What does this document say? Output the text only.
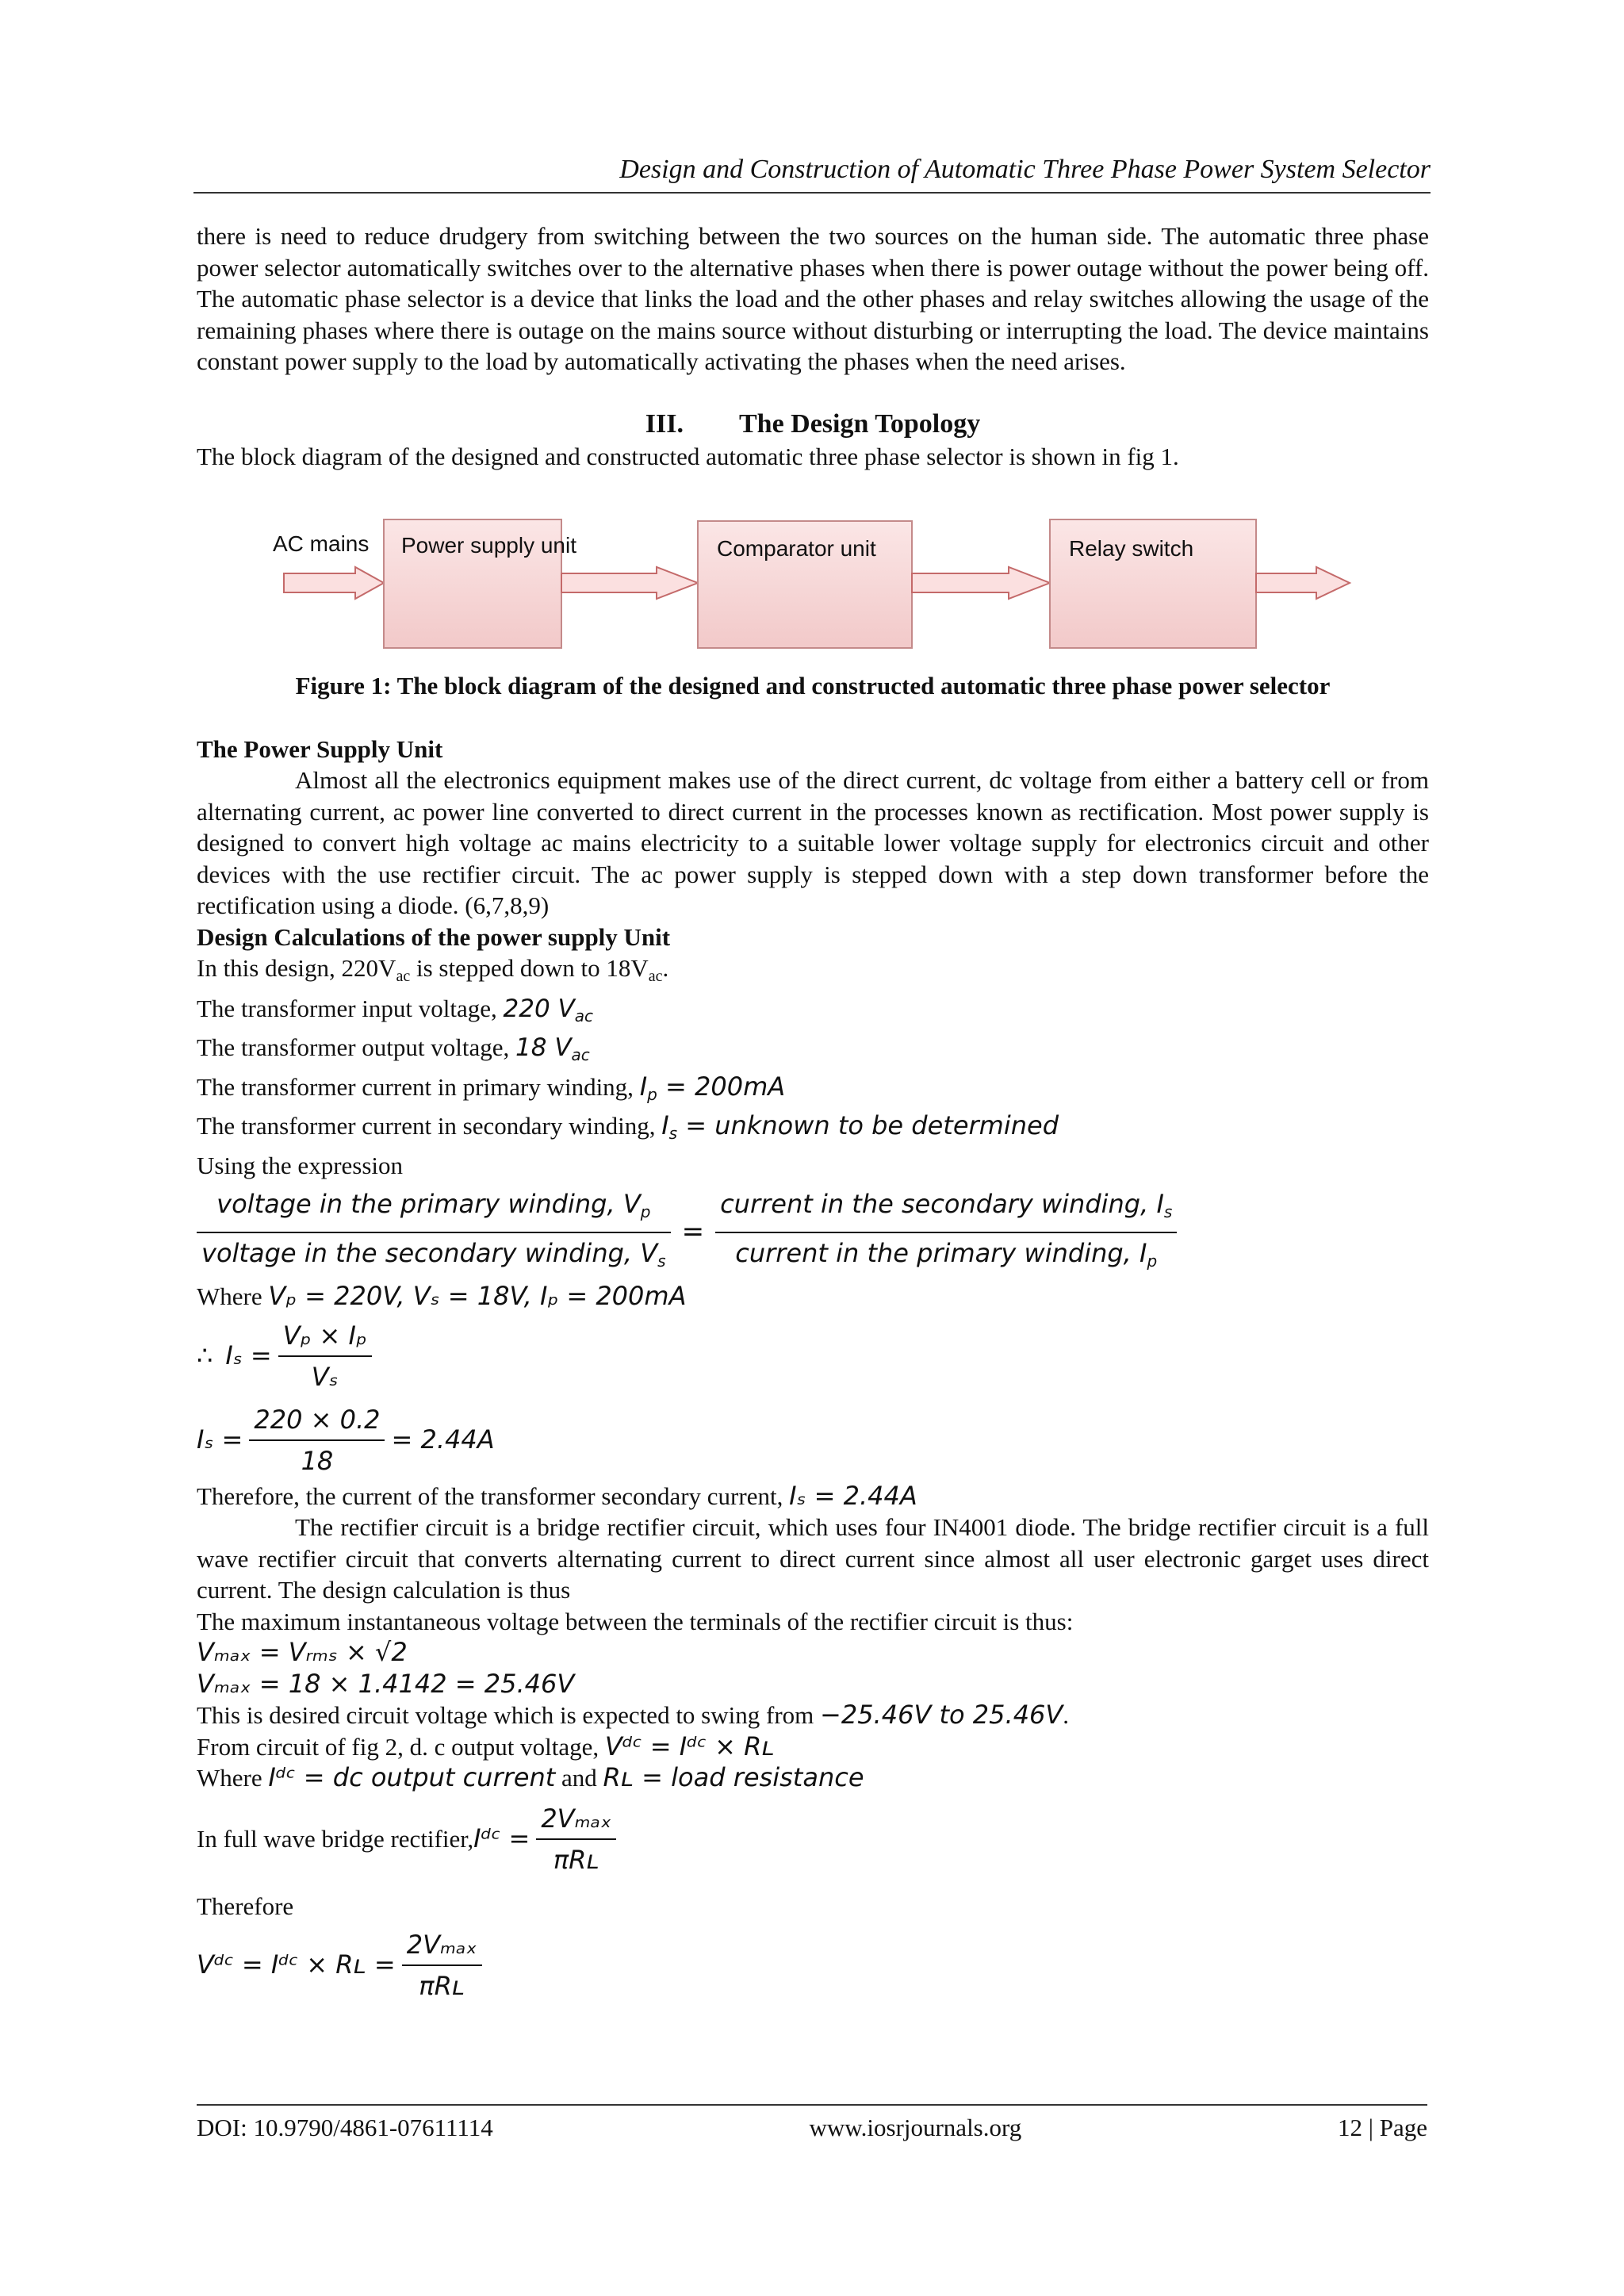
Design and Construction of Automatic Three Phase Power System Selector

there is need to reduce drudgery from switching between the two sources on the human side. The automatic three phase power selector automatically switches over to the alternative phases when there is power outage without the power being off. The automatic phase selector is a device that links the load and the other phases and relay switches allowing the usage of the remaining phases where there is outage on the mains source without disturbing or interrupting the load. The device maintains constant power supply to the load by automatically activating the phases when the need arises.

III. The Design Topology

The block diagram of the designed and constructed automatic three phase selector is shown in fig 1.

AC mains Power supply unit	Comparator unit	Relay switch
Figure 1: The block diagram of the designed and constructed automatic three phase power selector

The Power Supply Unit

Almost all the electronics equipment makes use of the direct current, dc voltage from either a battery cell or from alternating current, ac power line converted to direct current in the processes known as rectification. Most power supply is designed to convert high voltage ac mains electricity to a suitable lower voltage supply for electronics circuit and other devices with the use rectifier circuit. The ac power supply is stepped down with a step down transformer before the rectification using a diode. (6,7,8,9)

Design Calculations of the power supply Unit

In this design, $220V_{ac}$ is stepped down to $18V_{ac}$.

The transformer input voltage, 220 $V_{ac}$

The transformer output voltage, 18 $V_{ac}$

The transformer current in primary winding, $I_p = 200mA$

The transformer current in secondary winding, $I_s$ = unknown to be determined

Using the expression

$\frac{voltage in the primary winding, V_p}{voltage in the secondary winding, V_s} = \frac{current in the secondary winding, I_s}{current in the primary winding, I_p}$

Where Vₚ = 220V, Vₛ = 18V, Iₚ = 200mA

∴ $I_s = \frac{\text{Vₚ × Iₚ}}{\text{Vₛ}}$
$I_s = \frac{220 \times 0.2}{18} = 2.44A$

Therefore, the current of the transformer secondary current, Iₛ = 2.44A

The rectifier circuit is a bridge rectifier circuit, which uses four IN4001 diode. The bridge rectifier circuit is a full wave rectifier circuit that converts alternating current to direct current since almost all user electronic garget uses direct current. The design calculation is thus

The maximum instantaneous voltage between the terminals of the rectifier circuit is thus:

Vₘₐₓ = Vᵣₘₛ × √2

Vₘₐₓ = 18 × 1.4142 = 25.46V

This is desired circuit voltage which is expected to swing from −25.46V to 25.46V.

From circuit of fig 2, d. c output voltage, Vᵈᶜ = Iᵈᶜ × Rʟ

Where Iᵈᶜ = dc output current and Rʟ = load resistance

In full wave bridge rectifier, Iᵈᶜ = $\frac{\text{2Vₘₐₓ}}{\text{πRʟ}}$

Therefore

Vᵈᶜ = Iᵈᶜ × Rʟ = $\frac{\text{2Vₘₐₓ}}{\text{πRʟ}}$
DOI: 10.9790/4861-07611114	www.iosrjournals.org	12 | Page
